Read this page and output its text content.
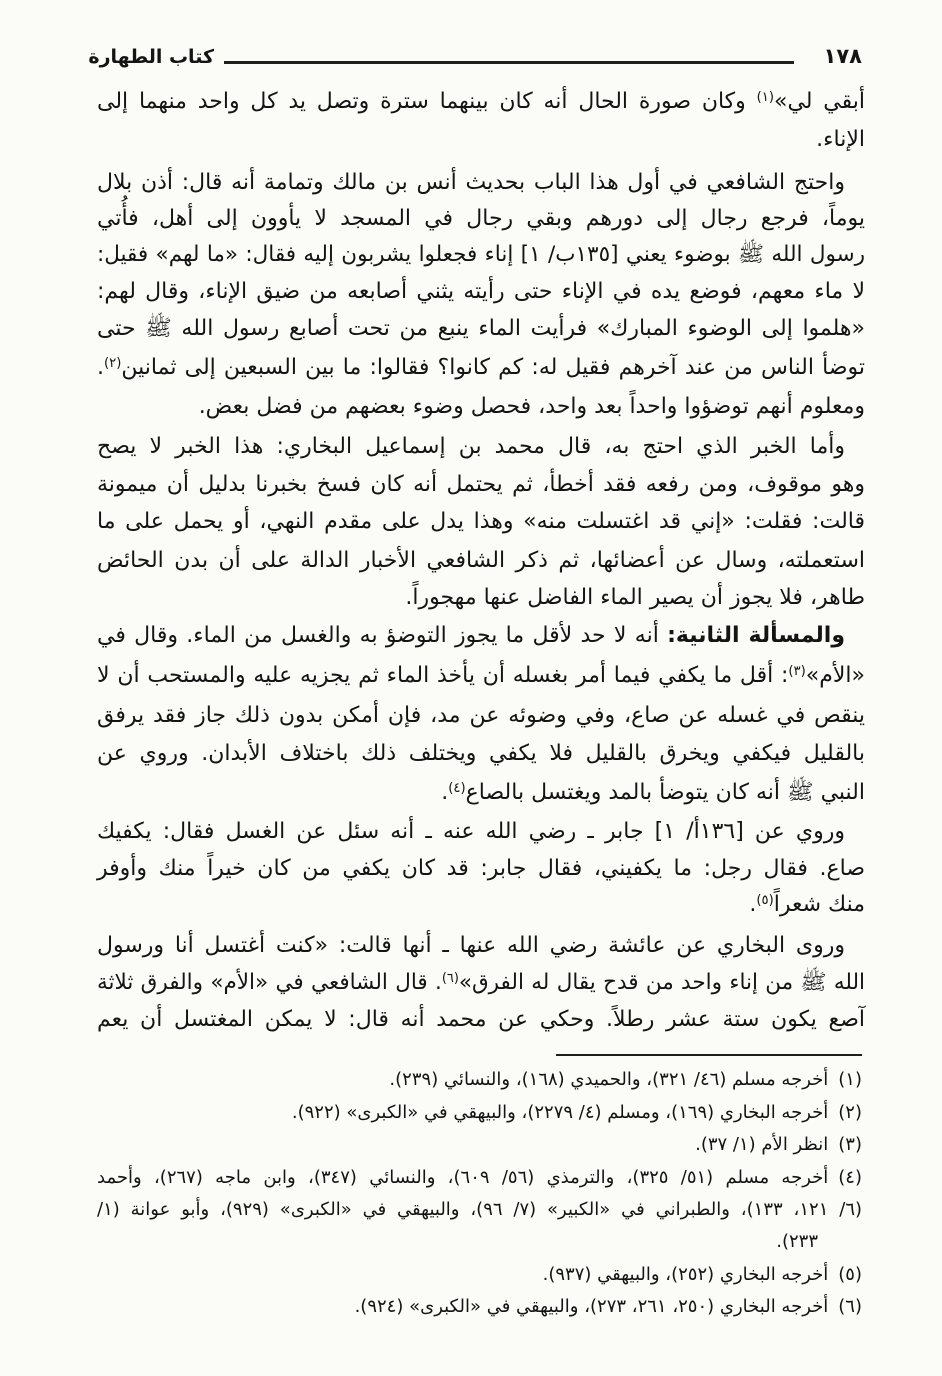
كتاب الطهارة	١٧٨
أبقي لي»$^{(١)}$ وكان صورة الحال أنه كان بينهما سترة وتصل يد كل واحد منهما إلى
الإناء.
واحتج الشافعي في أول هذا الباب بحديث أنس بن مالك وتمامة أنه قال: أذن بلال
يوماً، فرجع رجال إلى دورهم وبقي رجال في المسجد لا يأوون إلى أهل، فأُتي
رسول الله ﷺ بوضوء يعني [١٣٥ب/ ١] إناء فجعلوا يشربون إليه فقال: «ما لهم» فقيل:
لا ماء معهم، فوضع يده في الإناء حتى رأيته يثني أصابعه من ضيق الإناء، وقال لهم:
«هلموا إلى الوضوء المبارك» فرأيت الماء ينبع من تحت أصابع رسول الله ﷺ حتى
توضأ الناس من عند آخرهم فقيل له: كم كانوا؟ فقالوا: ما بين السبعين إلى ثمانين$^{(٢)}$.
ومعلوم أنهم توضؤوا واحداً بعد واحد، فحصل وضوء بعضهم من فضل بعض.
وأما الخبر الذي احتج به، قال محمد بن إسماعيل البخاري: هذا الخبر لا يصح
وهو موقوف، ومن رفعه فقد أخطأ، ثم يحتمل أنه كان فسخ بخبرنا بدليل أن ميمونة
قالت: فقلت: «إني قد اغتسلت منه» وهذا يدل على مقدم النهي، أو يحمل على ما
استعملته، وسال عن أعضائها، ثم ذكر الشافعي الأخبار الدالة على أن بدن الحائض
طاهر، فلا يجوز أن يصير الماء الفاضل عنها مهجوراً.
والمسألة الثانية: أنه لا حد لأقل ما يجوز التوضؤ به والغسل من الماء. وقال في
«الأم»$^{(٣)}$: أقل ما يكفي فيما أمر بغسله أن يأخذ الماء ثم يجزيه عليه والمستحب أن لا
ينقص في غسله عن صاع، وفي وضوئه عن مد، فإن أمكن بدون ذلك جاز فقد يرفق
بالقليل فيكفي ويخرق بالقليل فلا يكفي ويختلف ذلك باختلاف الأبدان. وروي عن
النبي ﷺ أنه كان يتوضأ بالمد ويغتسل بالصاع$^{(٤)}$.
وروي عن [١٣٦أ/ ١] جابر ـ رضي الله عنه ـ أنه سئل عن الغسل فقال: يكفيك
صاع. فقال رجل: ما يكفيني، فقال جابر: قد كان يكفي من كان خيراً منك وأوفر
منك شعراً$^{(٥)}$.
وروى البخاري عن عائشة رضي الله عنها ـ أنها قالت: «كنت أغتسل أنا ورسول
الله ﷺ من إناء واحد من قدح يقال له الفرق»$^{(٦)}$. قال الشافعي في «الأم» والفرق ثلاثة
آصع يكون ستة عشر رطلاً. وحكي عن محمد أنه قال: لا يمكن المغتسل أن يعم
(١)أخرجه مسلم (٤٦/ ٣٢١)، والحميدي (١٦٨)، والنسائي (٢٣٩).
(٢)أخرجه البخاري (١٦٩)، ومسلم (٤/ ٢٢٧٩)، والبيهقي في «الكبرى» (٩٢٢).
(٣)انظر الأم (١/ ٣٧).
(٤)أخرجه مسلم (٥١/ ٣٢٥)، والترمذي (٥٦/ ٦٠٩)، والنسائي (٣٤٧)، وابن ماجه (٢٦٧)، وأحمد
(٦/ ١٢١، ١٣٣)، والطبراني في «الكبير» (٧/ ٩٦)، والبيهقي في «الكبرى» (٩٢٩)، وأبو عوانة (١/
٢٣٣).
(٥)أخرجه البخاري (٢٥٢)، والبيهقي (٩٣٧).
(٦)أخرجه البخاري (٢٥٠، ٢٦١، ٢٧٣)، والبيهقي في «الكبرى» (٩٢٤).
